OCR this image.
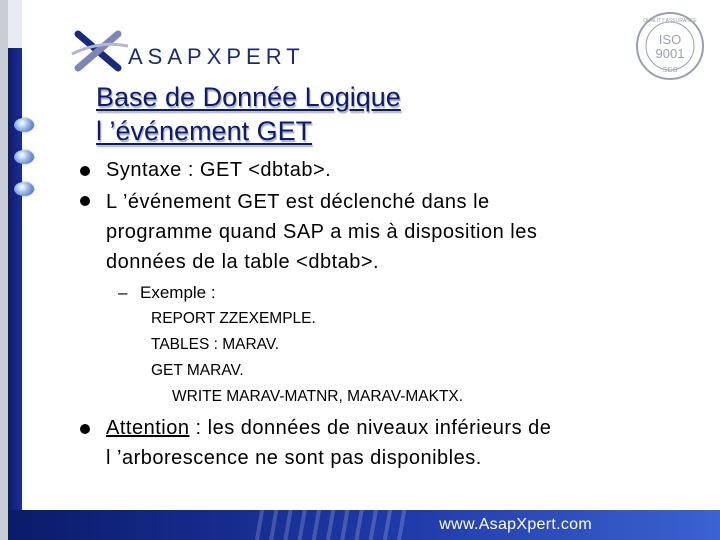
ASAPXPERT
ISO
9001
SGS
QUALITY ASSURANCE
Base de Donnée Logique
l ’événement GET
Syntaxe : GET <dbtab>.
L ’événement GET est déclenché dans le
programme quand SAP a mis à disposition les
données de la table <dbtab>.
– Exemple :
REPORT ZZEXEMPLE.
TABLES : MARAV.
GET MARAV.
WRITE MARAV-MATNR, MARAV-MAKTX.
Attention : les données de niveaux inférieurs de
l ’arborescence ne sont pas disponibles.
www.AsapXpert.com
